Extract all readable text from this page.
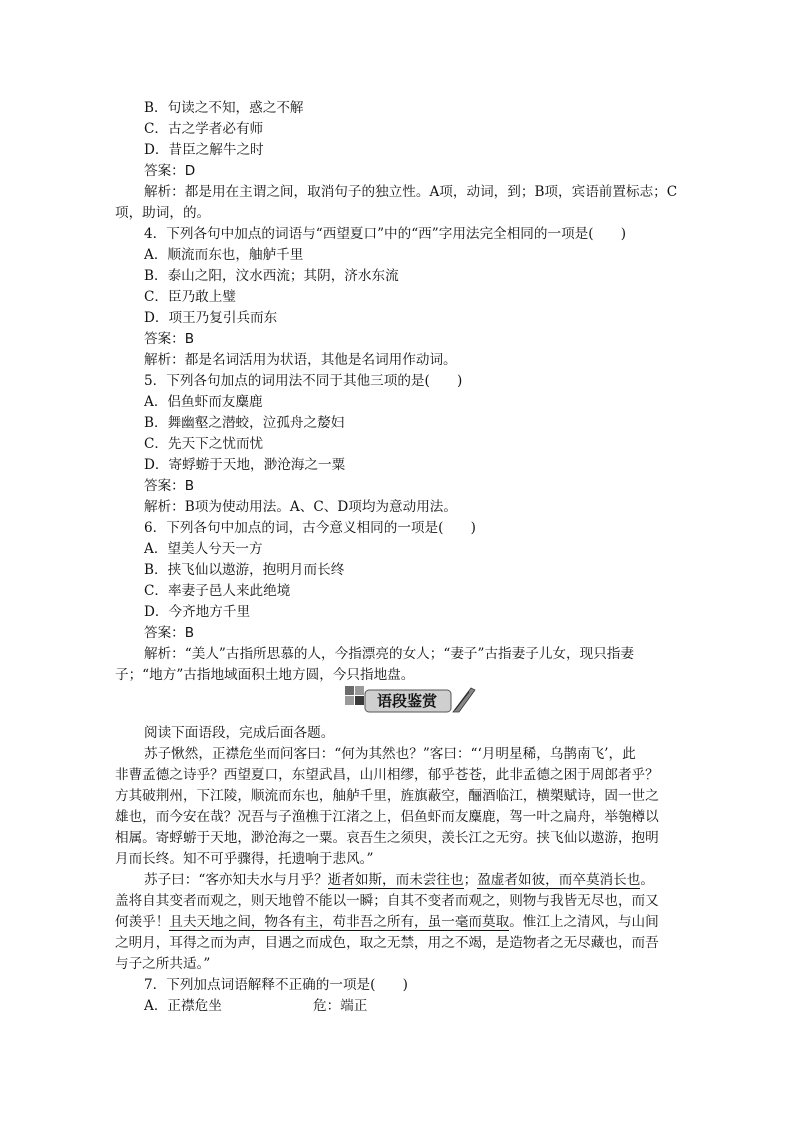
B．句读之不知，惑之不解
C．古之学者必有师
D．昔臣之解牛之时
答案：D
解析：都是用在主谓之间，取消句子的独立性。A项，动词，到；B项，宾语前置标志；C
项，助词，的。
4．下列各句中加点的词语与“西望夏口”中的“西”字用法完全相同的一项是(　　)
A．顺流而东也，舳舻千里
B．泰山之阳，汶水西流；其阴，济水东流
C．臣乃敢上璧
D．项王乃复引兵而东
答案：B
解析：都是名词活用为状语，其他是名词用作动词。
5．下列各句加点的词用法不同于其他三项的是(　　)
A．侣鱼虾而友麋鹿
B．舞幽壑之潜蛟，泣孤舟之嫠妇
C．先天下之忧而忧
D．寄蜉蝣于天地，渺沧海之一粟
答案：B
解析：B项为使动用法。A、C、D项均为意动用法。
6．下列各句中加点的词，古今意义相同的一项是(　　)
A．望美人兮天一方
B．挟飞仙以遨游，抱明月而长终
C．率妻子邑人来此绝境
D．今齐地方千里
答案：B
解析：“美人”古指所思慕的人，今指漂亮的女人；“妻子”古指妻子儿女，现只指妻
子；“地方”古指地域面积土地方圆，今只指地盘。
语段鉴赏
阅读下面语段，完成后面各题。
苏子愀然，正襟危坐而问客曰：“何为其然也？”客曰：“‘月明星稀，乌鹊南飞’，此
非曹孟德之诗乎？西望夏口，东望武昌，山川相缪，郁乎苍苍，此非孟德之困于周郎者乎？
方其破荆州，下江陵，顺流而东也，舳舻千里，旌旗蔽空，酾酒临江，横槊赋诗，固一世之
雄也，而今安在哉？况吾与子渔樵于江渚之上，侣鱼虾而友麋鹿，驾一叶之扁舟，举匏樽以
相属。寄蜉蝣于天地，渺沧海之一粟。哀吾生之须臾，羡长江之无穷。挟飞仙以遨游，抱明
月而长终。知不可乎骤得，托遗响于悲风。”
苏子曰：“客亦知夫水与月乎？逝者如斯，而未尝往也；盈虚者如彼，而卒莫消长也。
盖将自其变者而观之，则天地曾不能以一瞬；自其不变者而观之，则物与我皆无尽也，而又
何羡乎！且夫天地之间，物各有主，苟非吾之所有，虽一毫而莫取。惟江上之清风，与山间
之明月，耳得之而为声，目遇之而成色，取之无禁，用之不竭，是造物者之无尽藏也，而吾
与子之所共适。”
7．下列加点词语解释不正确的一项是(　　)
A．正襟危坐	危：端正
